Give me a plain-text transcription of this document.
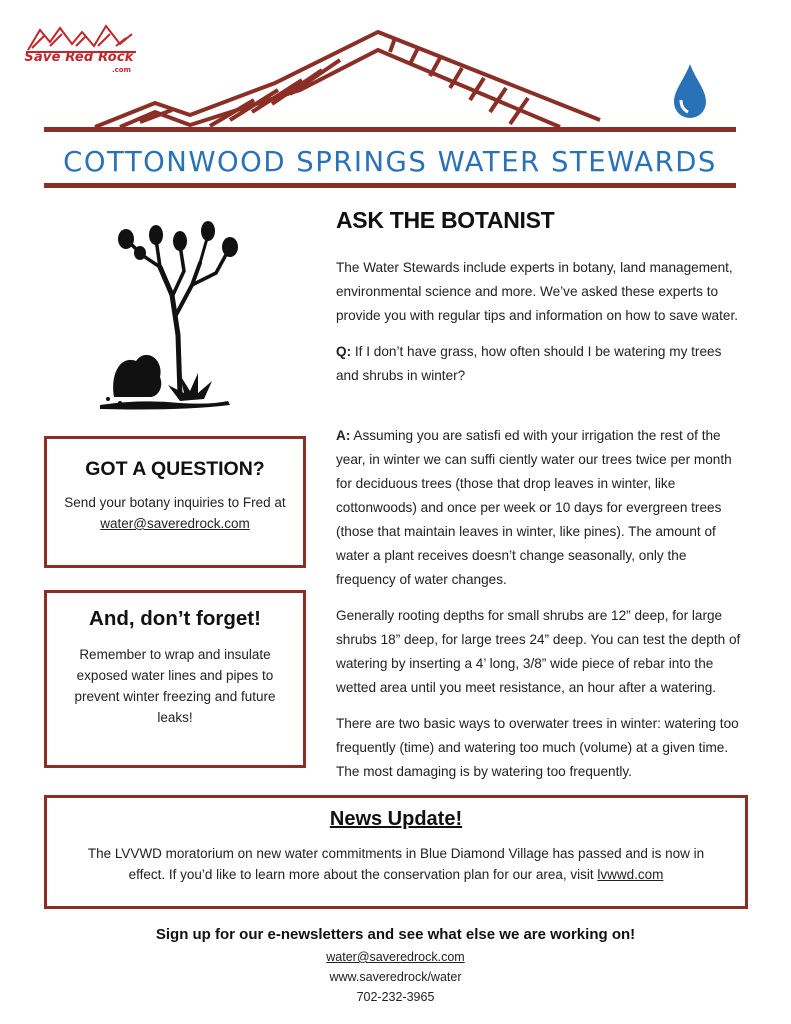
Save Red Rock
.com
COTTONWOOD SPRINGS WATER STEWARDS
GOT A QUESTION?

Send your botany inquiries to Fred at

water@saveredrock.com

And, don’t forget!

Remember to wrap and insulate exposed water lines and pipes to prevent winter freezing and future leaks!

ASK THE BOTANIST

The Water Stewards include experts in botany, land management, environmental science and more. We’ve asked these experts to provide you with regular tips and information on how to save water.

Q: If I don’t have grass, how often should I be watering my trees and shrubs in winter?

A: Assuming you are satisfi ed with your irrigation the rest of the year, in winter we can suffi ciently water our trees twice per month for deciduous trees (those that drop leaves in winter, like cottonwoods) and once per week or 10 days for evergreen trees (those that maintain leaves in winter, like pines). The amount of water a plant receives doesn’t change seasonally, only the frequency of water changes.

Generally rooting depths for small shrubs are 12” deep, for large shrubs 18” deep, for large trees 24” deep. You can test the depth of watering by inserting a 4’ long, 3/8” wide piece of rebar into the wetted area until you meet resistance, an hour after a watering.

There are two basic ways to overwater trees in winter: watering too frequently (time) and watering too much (volume) at a given time. The most damaging is by watering too frequently.

News Update!

The LVVWD moratorium on new water commitments in Blue Diamond Village has passed and is now in effect. If you’d like to learn more about the conservation plan for our area, visit lvwwd.com

Sign up for our e-newsletters and see what else we are working on!
water@saveredrock.com
www.saveredrock/water
702-232-3965
